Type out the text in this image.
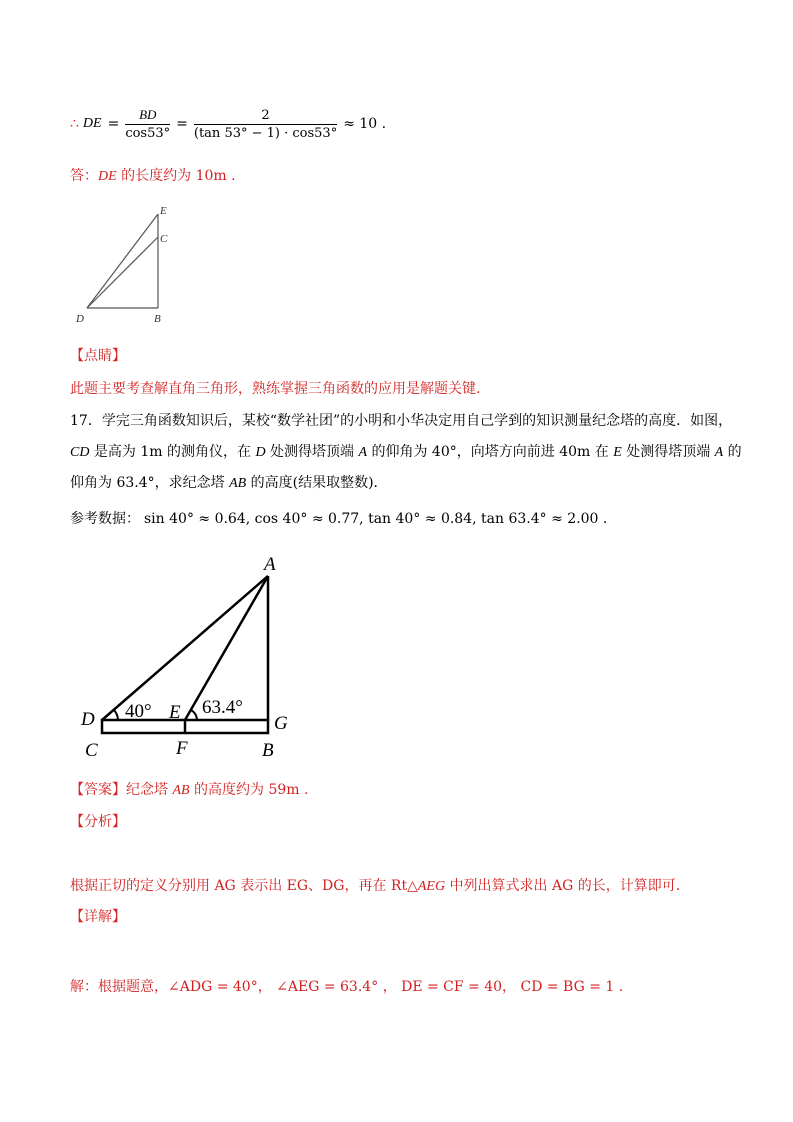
∴ DE = $\frac{BD}{\cos 53^\circ} = \frac{2}{(\tan 53^\circ - 1) \cdot \cos 53^\circ} \approx 10$ .
答：DE 的长度约为 10m .
E
C
D	B
【点睛】
此题主要考查解直角三角形，熟练掌握三角函数的应用是解题关键.
17．学完三角函数知识后，某校“数学社团”的小明和小华决定用自己学到的知识测量纪念塔的高度．如图，
CD 是高为 1m 的测角仪，在 D 处测得塔顶端 A 的仰角为 40°，向塔方向前进 40m 在 E 处测得塔顶端 A 的
仰角为 63.4°，求纪念塔 AB 的高度(结果取整数)．
参考数据： sin 40° ≈ 0.64, cos 40° ≈ 0.77, tan 40° ≈ 0.84, tan 63.4° ≈ 2.00 .
A
D	E
G
C	F	B
40°	63.4°
【答案】纪念塔 AB 的高度约为 59m .
【分析】
根据正切的定义分别用 AG 表示出 EG、DG，再在 Rt△AEG 中列出算式求出 AG 的长，计算即可.
【详解】
解：根据题意，∠ADG = 40°， ∠AEG = 63.4° ， DE = CF = 40， CD = BG = 1 .
